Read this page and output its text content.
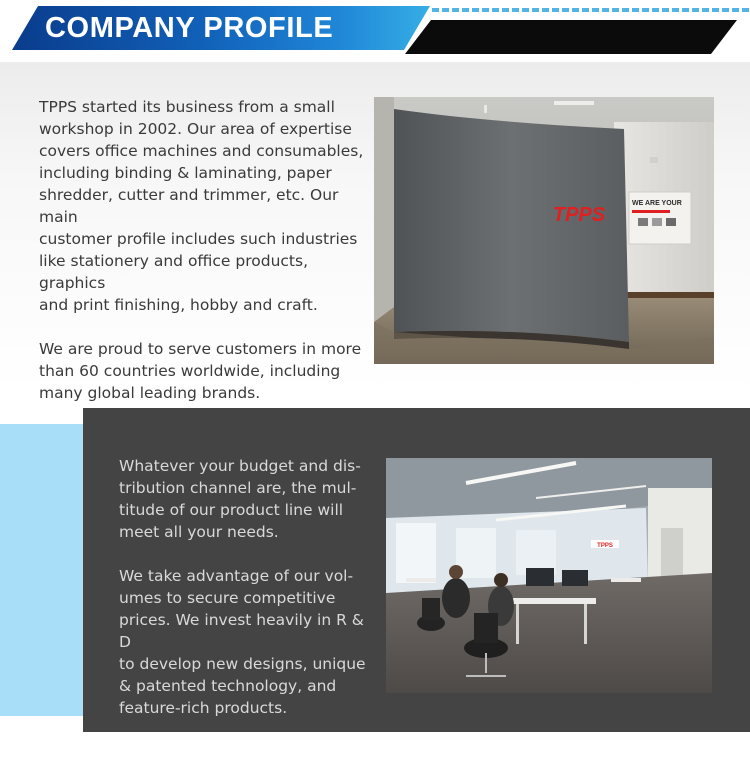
COMPANY PROFILE

TPPS started its business from a small
workshop in 2002. Our area of expertise
covers office machines and consumables,
including binding & laminating, paper
shredder, cutter and trimmer, etc. Our main
customer profile includes such industries
like stationery and office products, graphics
and print finishing, hobby and craft.

We are proud to serve customers in more
than 60 countries worldwide, including
many global leading brands.

TPPS
WE ARE YOUR

Whatever your budget and dis-
tribution channel are, the mul-
titude of our product line will
meet all your needs.

We take advantage of our vol-
umes to secure competitive
prices. We invest heavily in R & D
to develop new designs, unique
& patented technology, and
feature-rich products.

TPPS
